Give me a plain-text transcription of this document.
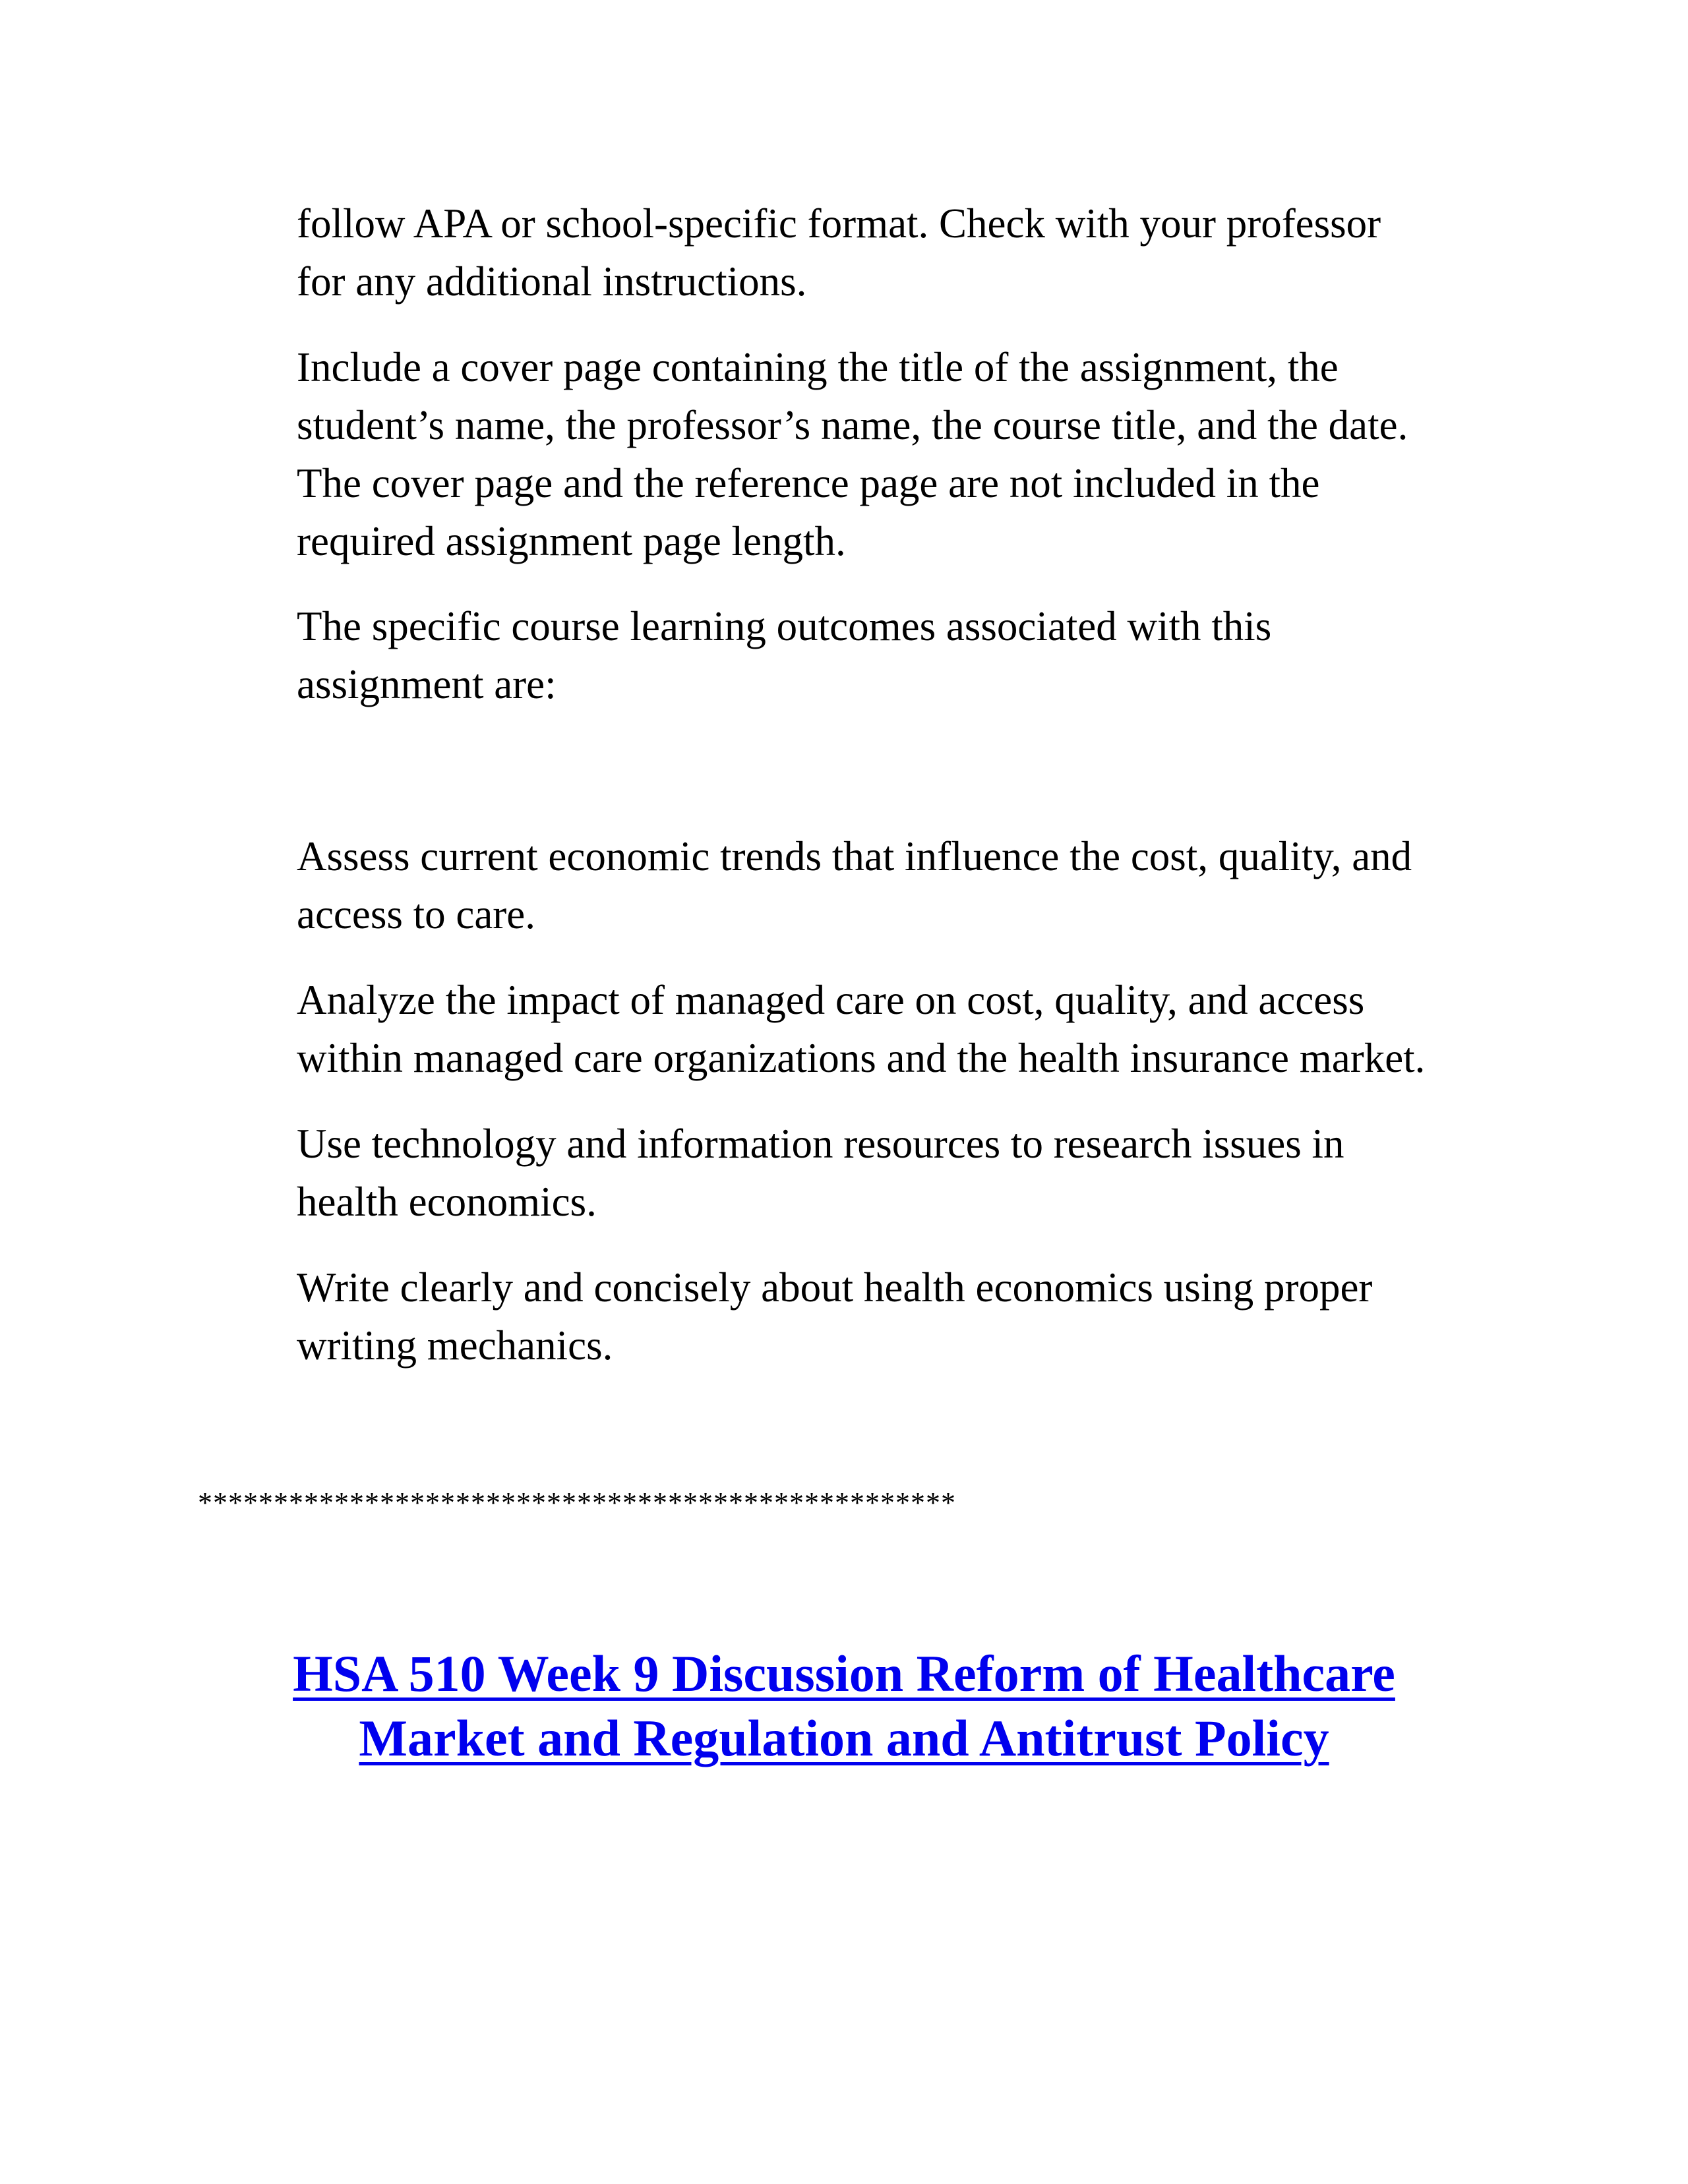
follow APA or school-specific format. Check with your professor
for any additional instructions.

Include a cover page containing the title of the assignment, the
student’s name, the professor’s name, the course title, and the date.
The cover page and the reference page are not included in the
required assignment page length.

The specific course learning outcomes associated with this
assignment are:

Assess current economic trends that influence the cost, quality, and
access to care.

Analyze the impact of managed care on cost, quality, and access
within managed care organizations and the health insurance market.

Use technology and information resources to research issues in
health economics.

Write clearly and concisely about health economics using proper
writing mechanics.

**************************************************
HSA 510 Week 9 Discussion Reform of Healthcare
Market and Regulation and Antitrust Policy
